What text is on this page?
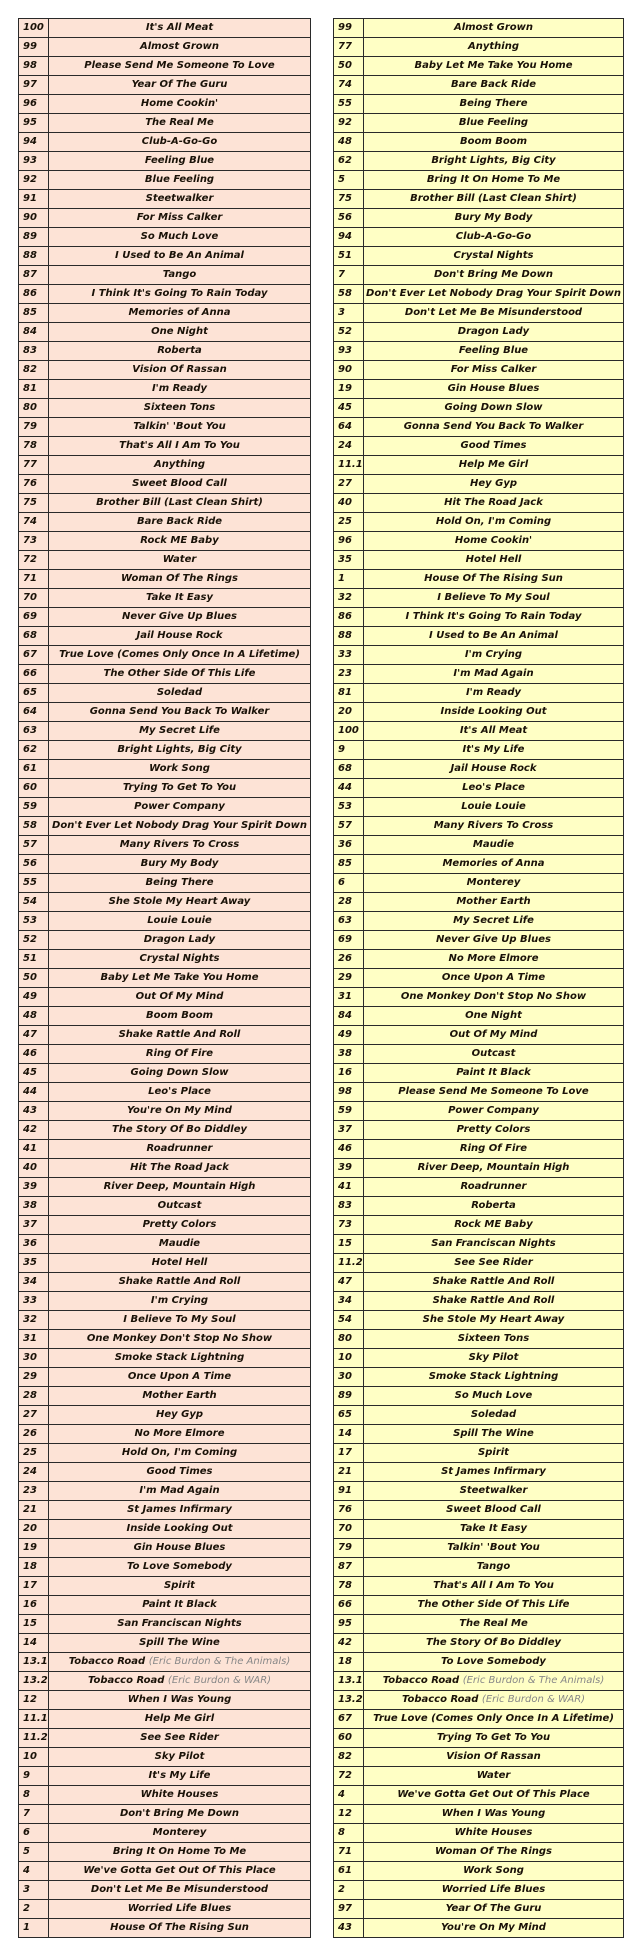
100	It's All Meat
99	Almost Grown
98	Please Send Me Someone To Love
97	Year Of The Guru
96	Home Cookin'
95	The Real Me
94	Club-A-Go-Go
93	Feeling Blue
92	Blue Feeling
91	Steetwalker
90	For Miss Calker
89	So Much Love
88	I Used to Be An Animal
87	Tango
86	I Think It's Going To Rain Today
85	Memories of Anna
84	One Night
83	Roberta
82	Vision Of Rassan
81	I'm Ready
80	Sixteen Tons
79	Talkin' 'Bout You
78	That's All I Am To You
77	Anything
76	Sweet Blood Call
75	Brother Bill (Last Clean Shirt)
74	Bare Back Ride
73	Rock ME Baby
72	Water
71	Woman Of The Rings
70	Take It Easy
69	Never Give Up Blues
68	Jail House Rock
67	True Love (Comes Only Once In A Lifetime)
66	The Other Side Of This Life
65	Soledad
64	Gonna Send You Back To Walker
63	My Secret Life
62	Bright Lights, Big City
61	Work Song
60	Trying To Get To You
59	Power Company
58	Don't Ever Let Nobody Drag Your Spirit Down
57	Many Rivers To Cross
56	Bury My Body
55	Being There
54	She Stole My Heart Away
53	Louie Louie
52	Dragon Lady
51	Crystal Nights
50	Baby Let Me Take You Home
49	Out Of My Mind
48	Boom Boom
47	Shake Rattle And Roll
46	Ring Of Fire
45	Going Down Slow
44	Leo's Place
43	You're On My Mind
42	The Story Of Bo Diddley
41	Roadrunner
40	Hit The Road Jack
39	River Deep, Mountain High
38	Outcast
37	Pretty Colors
36	Maudie
35	Hotel Hell
34	Shake Rattle And Roll
33	I'm Crying
32	I Believe To My Soul
31	One Monkey Don't Stop No Show
30	Smoke Stack Lightning
29	Once Upon A Time
28	Mother Earth
27	Hey Gyp
26	No More Elmore
25	Hold On, I'm Coming
24	Good Times
23	I'm Mad Again
21	St James Infirmary
20	Inside Looking Out
19	Gin House Blues
18	To Love Somebody
17	Spirit
16	Paint It Black
15	San Franciscan Nights
14	Spill The Wine
13.1	Tobacco Road (Eric Burdon & The Animals)
13.2	Tobacco Road (Eric Burdon & WAR)
12	When I Was Young
11.1	Help Me Girl
11.2	See See Rider
10	Sky Pilot
9	It's My Life
8	White Houses
7	Don't Bring Me Down
6	Monterey
5	Bring It On Home To Me
4	We've Gotta Get Out Of This Place
3	Don't Let Me Be Misunderstood
2	Worried Life Blues
1	House Of The Rising Sun
99	Almost Grown
77	Anything
50	Baby Let Me Take You Home
74	Bare Back Ride
55	Being There
92	Blue Feeling
48	Boom Boom
62	Bright Lights, Big City
5	Bring It On Home To Me
75	Brother Bill (Last Clean Shirt)
56	Bury My Body
94	Club-A-Go-Go
51	Crystal Nights
7	Don't Bring Me Down
58	Don't Ever Let Nobody Drag Your Spirit Down
3	Don't Let Me Be Misunderstood
52	Dragon Lady
93	Feeling Blue
90	For Miss Calker
19	Gin House Blues
45	Going Down Slow
64	Gonna Send You Back To Walker
24	Good Times
11.1	Help Me Girl
27	Hey Gyp
40	Hit The Road Jack
25	Hold On, I'm Coming
96	Home Cookin'
35	Hotel Hell
1	House Of The Rising Sun
32	I Believe To My Soul
86	I Think It's Going To Rain Today
88	I Used to Be An Animal
33	I'm Crying
23	I'm Mad Again
81	I'm Ready
20	Inside Looking Out
100	It's All Meat
9	It's My Life
68	Jail House Rock
44	Leo's Place
53	Louie Louie
57	Many Rivers To Cross
36	Maudie
85	Memories of Anna
6	Monterey
28	Mother Earth
63	My Secret Life
69	Never Give Up Blues
26	No More Elmore
29	Once Upon A Time
31	One Monkey Don't Stop No Show
84	One Night
49	Out Of My Mind
38	Outcast
16	Paint It Black
98	Please Send Me Someone To Love
59	Power Company
37	Pretty Colors
46	Ring Of Fire
39	River Deep, Mountain High
41	Roadrunner
83	Roberta
73	Rock ME Baby
15	San Franciscan Nights
11.2	See See Rider
47	Shake Rattle And Roll
34	Shake Rattle And Roll
54	She Stole My Heart Away
80	Sixteen Tons
10	Sky Pilot
30	Smoke Stack Lightning
89	So Much Love
65	Soledad
14	Spill The Wine
17	Spirit
21	St James Infirmary
91	Steetwalker
76	Sweet Blood Call
70	Take It Easy
79	Talkin' 'Bout You
87	Tango
78	That's All I Am To You
66	The Other Side Of This Life
95	The Real Me
42	The Story Of Bo Diddley
18	To Love Somebody
13.1	Tobacco Road (Eric Burdon & The Animals)
13.2	Tobacco Road (Eric Burdon & WAR)
67	True Love (Comes Only Once In A Lifetime)
60	Trying To Get To You
82	Vision Of Rassan
72	Water
4	We've Gotta Get Out Of This Place
12	When I Was Young
8	White Houses
71	Woman Of The Rings
61	Work Song
2	Worried Life Blues
97	Year Of The Guru
43	You're On My Mind
